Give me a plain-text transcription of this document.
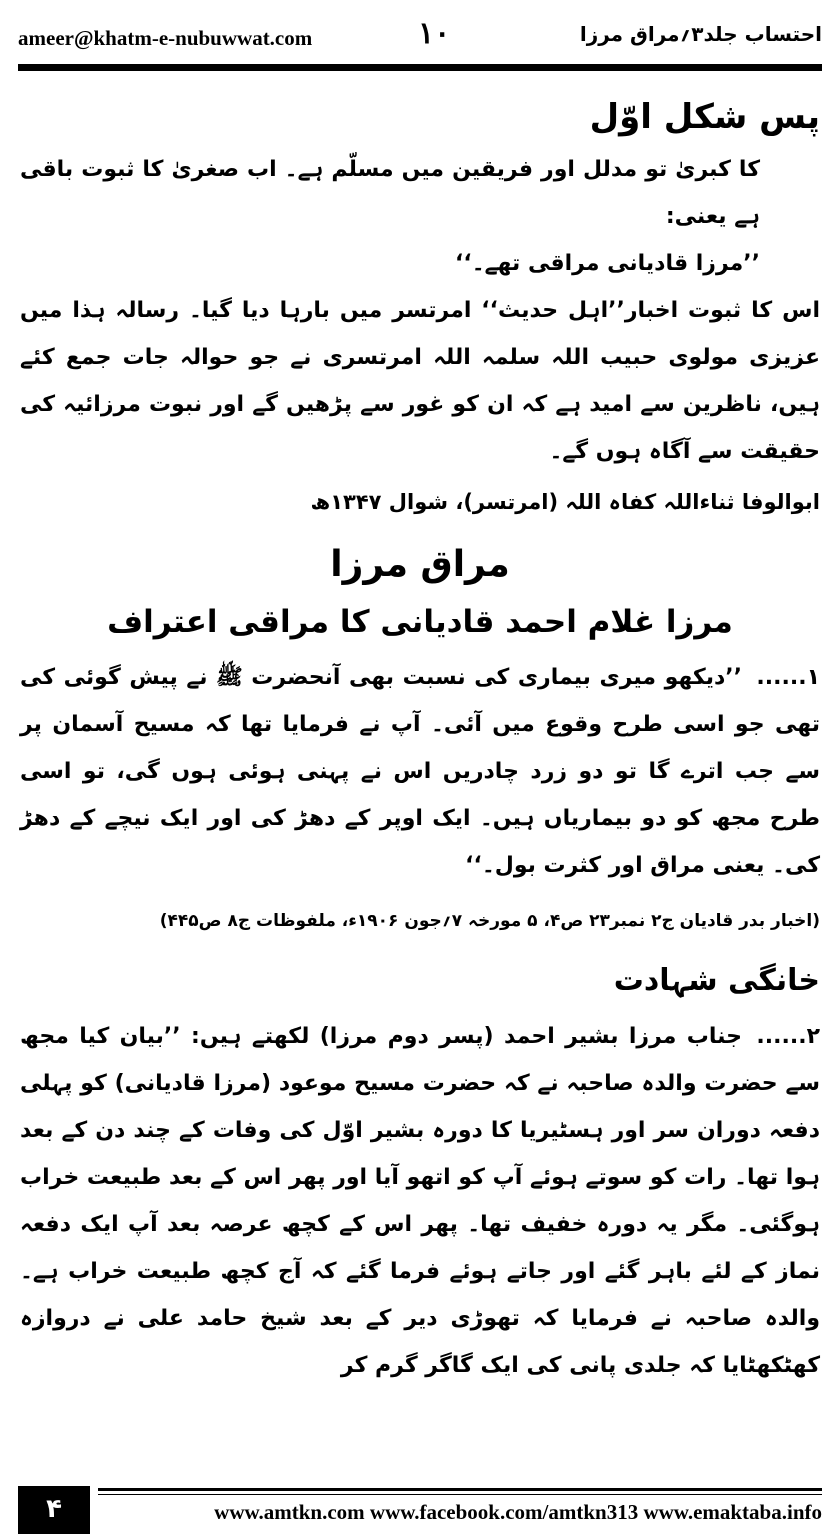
ameer@khatm-e-nubuwwat.com	۱۰	احتساب جلد۳؍مراق مرزا
پس شکل اوّل

کا کبریٰ تو مدلل اور فریقین میں مسلّم ہے۔ اب صغریٰ کا ثبوت باقی ہے یعنی:

’’مرزا قادیانی مراقی تھے۔‘‘

اس کا ثبوت اخبار’’اہل حدیث‘‘ امرتسر میں بارہا دیا گیا۔ رسالہ ہذا میں عزیزی مولوی حبیب اللہ سلمہ اللہ امرتسری نے جو حوالہ جات جمع کئے ہیں، ناظرین سے امید ہے کہ ان کو غور سے پڑھیں گے اور نبوت مرزائیہ کی حقیقت سے آگاہ ہوں گے۔

ابوالوفا ثناءاللہ کفاہ اللہ (امرتسر)، شوال ۱۳۴۷ھ
مراق مرزا
مرزا غلام احمد قادیانی کا مراقی اعتراف

۱......’’دیکھو میری بیماری کی نسبت بھی آنحضرت ﷺ نے پیش گوئی کی تھی جو اسی طرح وقوع میں آئی۔ آپ نے فرمایا تھا کہ مسیح آسمان پر سے جب اترے گا تو دو زرد چادریں اس نے پہنی ہوئی ہوں گی، تو اسی طرح مجھ کو دو بیماریاں ہیں۔ ایک اوپر کے دھڑ کی اور ایک نیچے کے دھڑ کی۔ یعنی مراق اور کثرت بول۔‘‘

(اخبار بدر قادیان ج۲ نمبر۲۳ ص۴، ۵ مورخہ ۷؍جون ۱۹۰۶ء، ملفوظات ج۸ ص۴۴۵)
خانگی شہادت

۲......جناب مرزا بشیر احمد (پسر دوم مرزا) لکھتے ہیں: ’’بیان کیا مجھ سے حضرت والدہ صاحبہ نے کہ حضرت مسیح موعود (مرزا قادیانی) کو پہلی دفعہ دوران سر اور ہسٹیریا کا دورہ بشیر اوّل کی وفات کے چند دن کے بعد ہوا تھا۔ رات کو سوتے ہوئے آپ کو اتھو آیا اور پھر اس کے بعد طبیعت خراب ہوگئی۔ مگر یہ دورہ خفیف تھا۔ پھر اس کے کچھ عرصہ بعد آپ ایک دفعہ نماز کے لئے باہر گئے اور جاتے ہوئے فرما گئے کہ آج کچھ طبیعت خراب ہے۔ والدہ صاحبہ نے فرمایا کہ تھوڑی دیر کے بعد شیخ حامد علی نے دروازہ کھٹکھٹایا کہ جلدی پانی کی ایک گاگر گرم کر

۴	www.amtkn.com www.facebook.com/amtkn313 www.emaktaba.info
